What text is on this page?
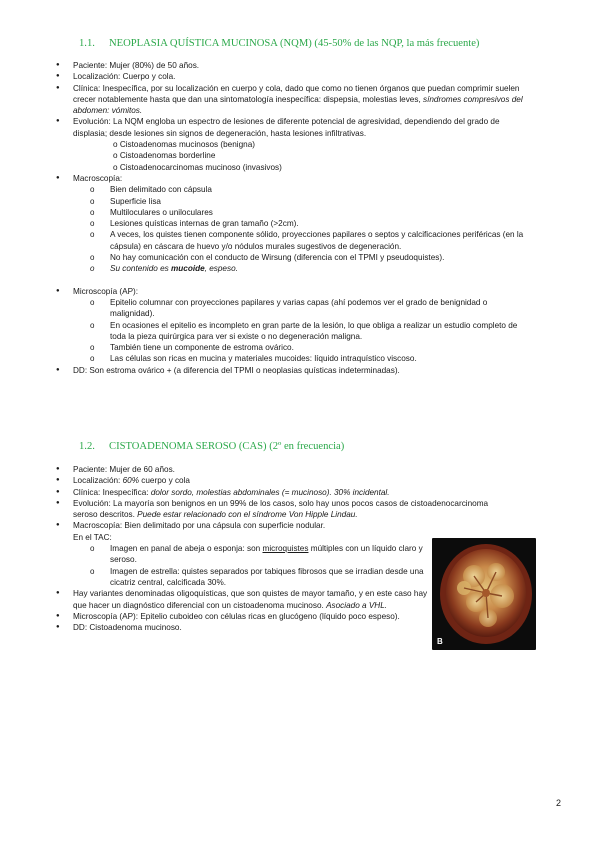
1.1. NEOPLASIA QUÍSTICA MUCINOSA (NQM) (45-50% de las NQP, la más frecuente)
● Paciente: Mujer (80%) de 50 años.
● Localización: Cuerpo y cola.
● Clínica: Inespecífica, por su localización en cuerpo y cola, dado que como no tienen órganos que puedan comprimir suelen crecer notablemente hasta que dan una sintomatología inespecífica: dispepsia, molestias leves, síndromes compresivos del abdomen: vómitos.
● Evolución: La NQM engloba un espectro de lesiones de diferente potencial de agresividad, dependiendo del grado de displasia; desde lesiones sin signos de degeneración, hasta lesiones infiltrativas.
o Cistoadenomas mucinosos (benigna)
o Cistoadenomas borderline
o Cistoadenocarcinomas mucinoso (invasivos)
● Macroscopía:
o Bien delimitado con cápsula
o Superficie lisa
o Multiloculares o uniloculares
o Lesiones quísticas internas de gran tamaño (>2cm).
o A veces, los quistes tienen componente sólido, proyecciones papilares o septos y calcificaciones periféricas (en la cápsula) en cáscara de huevo y/o nódulos murales sugestivos de degeneración.
o No hay comunicación con el conducto de Wirsung (diferencia con el TPMI y pseudoquistes).
o Su contenido es mucoide, espeso.
● Microscopía (AP):
o Epitelio columnar con proyecciones papilares y varias capas (ahí podemos ver el grado de benignidad o malignidad).
o En ocasiones el epitelio es incompleto en gran parte de la lesión, lo que obliga a realizar un estudio completo de toda la pieza quirúrgica para ver si existe o no degeneración maligna.
o También tiene un componente de estroma ovárico.
o Las células son ricas en mucina y materiales mucoides: líquido intraquístico viscoso.
● DD: Son estroma ovárico + (a diferencia del TPMI o neoplasias quísticas indeterminadas).
1.2. CISTOADENOMA SEROSO (CAS) (2º en frecuencia)
● Paciente: Mujer de 60 años.
● Localización: 60% cuerpo y cola
● Clínica: Inespecífica: dolor sordo, molestias abdominales (= mucinoso). 30% incidental.
● Evolución: La mayoría son benignos en un 99% de los casos, solo hay unos pocos casos de cistoadenocarcinoma seroso descritos. Puede estar relacionado con el síndrome Von Hipple Lindau.
● Macroscopía: Bien delimitado por una cápsula con superficie nodular.
En el TAC:
o Imagen en panal de abeja o esponja: son microquistes múltiples con un líquido claro y seroso.
o Imagen de estrella: quistes separados por tabiques fibrosos que se irradian desde una cicatriz central, calcificada 30%.
● Hay variantes denominadas oligoquísticas, que son quistes de mayor tamaño, y en este caso hay que hacer un diagnóstico diferencial con un cistoadenoma mucinoso. Asociado a VHL.
● Microscopía (AP): Epitelio cuboideo con células ricas en glucógeno (líquido poco espeso).
● DD: Cistoadenoma mucinoso.
B
2
